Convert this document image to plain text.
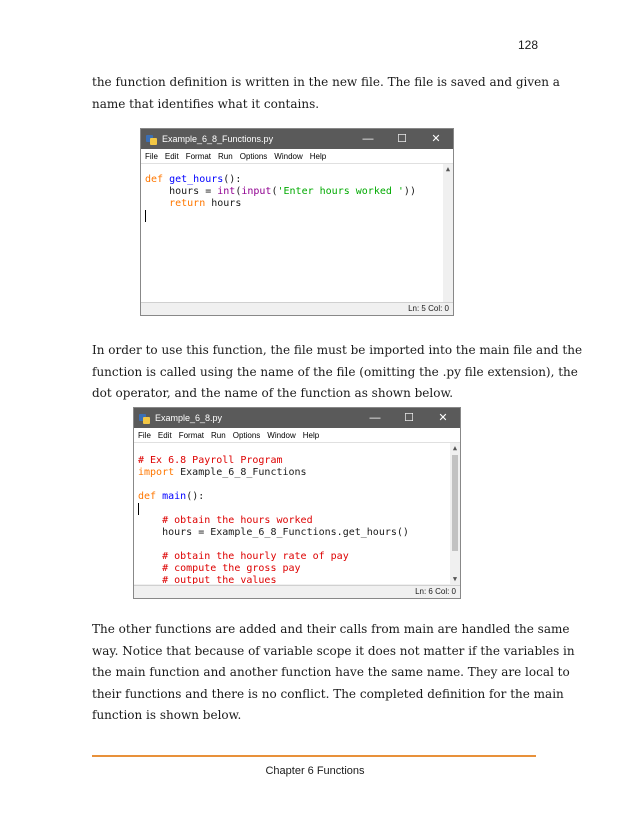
128

the function definition is written in the new file. The file is saved and given a
name that identifies what it contains.

Example_6_8_Functions.py	—	☐	✕
File Edit Format Run Options Window Help
def get_hours():
hours = int(input('Enter hours worked '))
return hours

▲
Ln: 5 Col: 0

In order to use this function, the file must be imported into the main file and the
function is called using the name of the file (omitting the .py file extension), the
dot operator, and the name of the function as shown below.

Example_6_8.py	—	☐	✕
File Edit Format Run Options Window Help
# Ex 6.8 Payroll Program
import Example_6_8_Functions

def main():

# obtain the hours worked
hours = Example_6_8_Functions.get_hours()

# obtain the hourly rate of pay
# compute the gross pay
# output the values
▲
▼
Ln: 6 Col: 0

The other functions are added and their calls from main are handled the same
way. Notice that because of variable scope it does not matter if the variables in
the main function and another function have the same name. They are local to
their functions and there is no conflict. The completed definition for the main
function is shown below.

Chapter 6 Functions
